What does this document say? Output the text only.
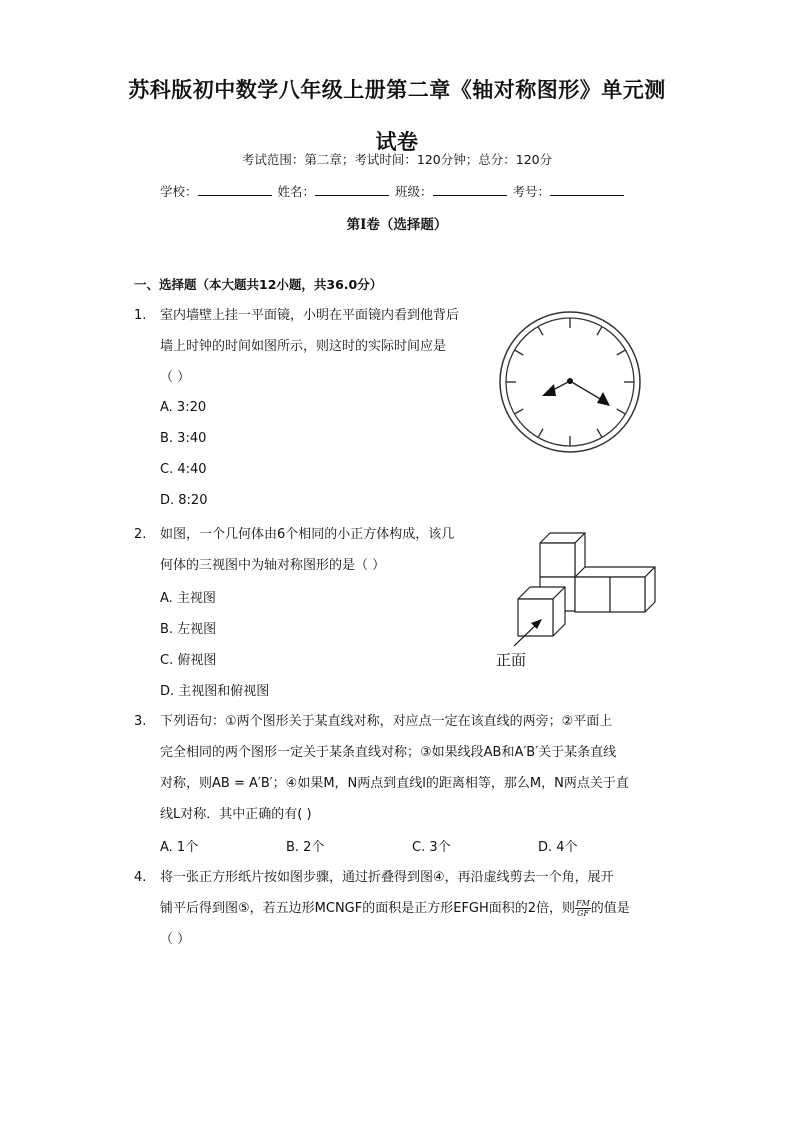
苏科版初中数学八年级上册第二章《轴对称图形》单元测
试卷
考试范围：第二章；考试时间：120分钟；总分：120分
学校：	姓名：	班级：	考号：
第I卷（选择题）
一、选择题（本大题共12小题，共36.0分）
1. 室内墙壁上挂一平面镜，小明在平面镜内看到他背后
墙上时钟的时间如图所示，则这时的实际时间应是
（ ）
A. 3:20
B. 3:40
C. 4:40
D. 8:20
2. 如图，一个几何体由6个相同的小正方体构成，该几
何体的三视图中为轴对称图形的是（ ）
A. 主视图
B. 左视图
C. 俯视图
D. 主视图和俯视图
正面
3. 下列语句：①两个图形关于某直线对称，对应点一定在该直线的两旁；②平面上
完全相同的两个图形一定关于某条直线对称；③如果线段AB和A′B′关于某条直线
对称，则AB = A′B′；④如果M，N两点到直线l的距离相等，那么M，N两点关于直
线L对称．其中正确的有( )
A. 1个	B. 2个	C. 3个	D. 4个
4. 将一张正方形纸片按如图步骤，通过折叠得到图④，再沿虚线剪去一个角，展开
铺平后得到图⑤，若五边形MCNGF的面积是正方形EFGH面积的2倍，则 $\frac{FM}{GF}$ 的值是
（ ）
